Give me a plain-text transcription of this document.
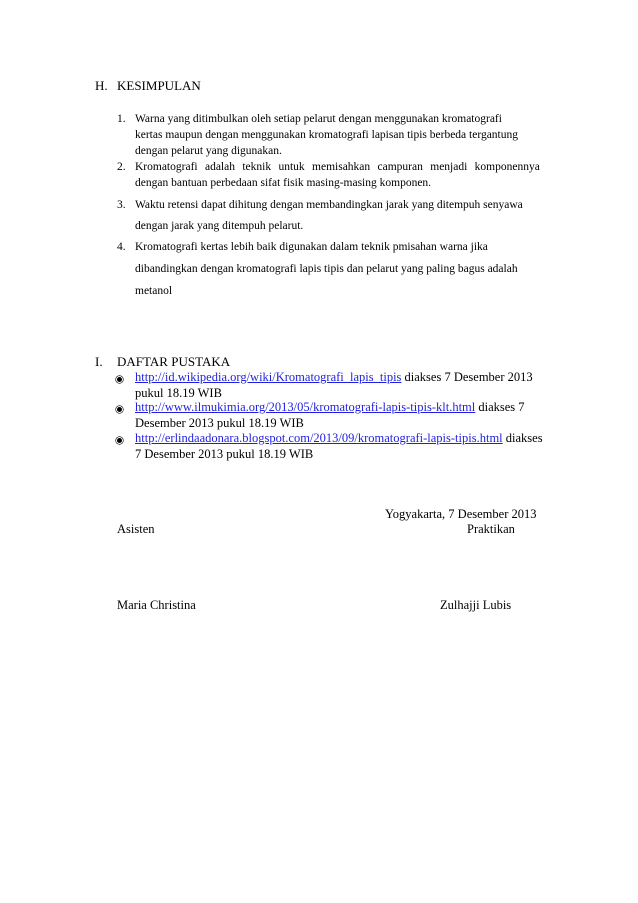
H. KESIMPULAN
1. Warna yang ditimbulkan oleh setiap pelarut dengan menggunakan kromatografi
kertas maupun dengan menggunakan kromatografi lapisan tipis berbeda tergantung
dengan pelarut yang digunakan.
2. Kromatografi adalah teknik untuk memisahkan campuran menjadi komponennya
dengan bantuan perbedaan sifat fisik masing-masing komponen.
3. Waktu retensi dapat dihitung dengan membandingkan jarak yang ditempuh senyawa
dengan jarak yang ditempuh pelarut.
4. Kromatografi kertas lebih baik digunakan dalam teknik pmisahan warna jika
dibandingkan dengan kromatografi lapis tipis dan pelarut yang paling bagus adalah
metanol
I. DAFTAR PUSTAKA
http://id.wikipedia.org/wiki/Kromatografi_lapis_tipis diakses 7 Desember 2013
pukul 18.19 WIB
http://www.ilmukimia.org/2013/05/kromatografi-lapis-tipis-klt.html diakses 7
Desember 2013 pukul 18.19 WIB
http://erlindaadonara.blogspot.com/2013/09/kromatografi-lapis-tipis.html diakses
7 Desember 2013 pukul 18.19 WIB
Yogyakarta, 7 Desember 2013
Asisten	Praktikan
Maria Christina	Zulhajji Lubis
